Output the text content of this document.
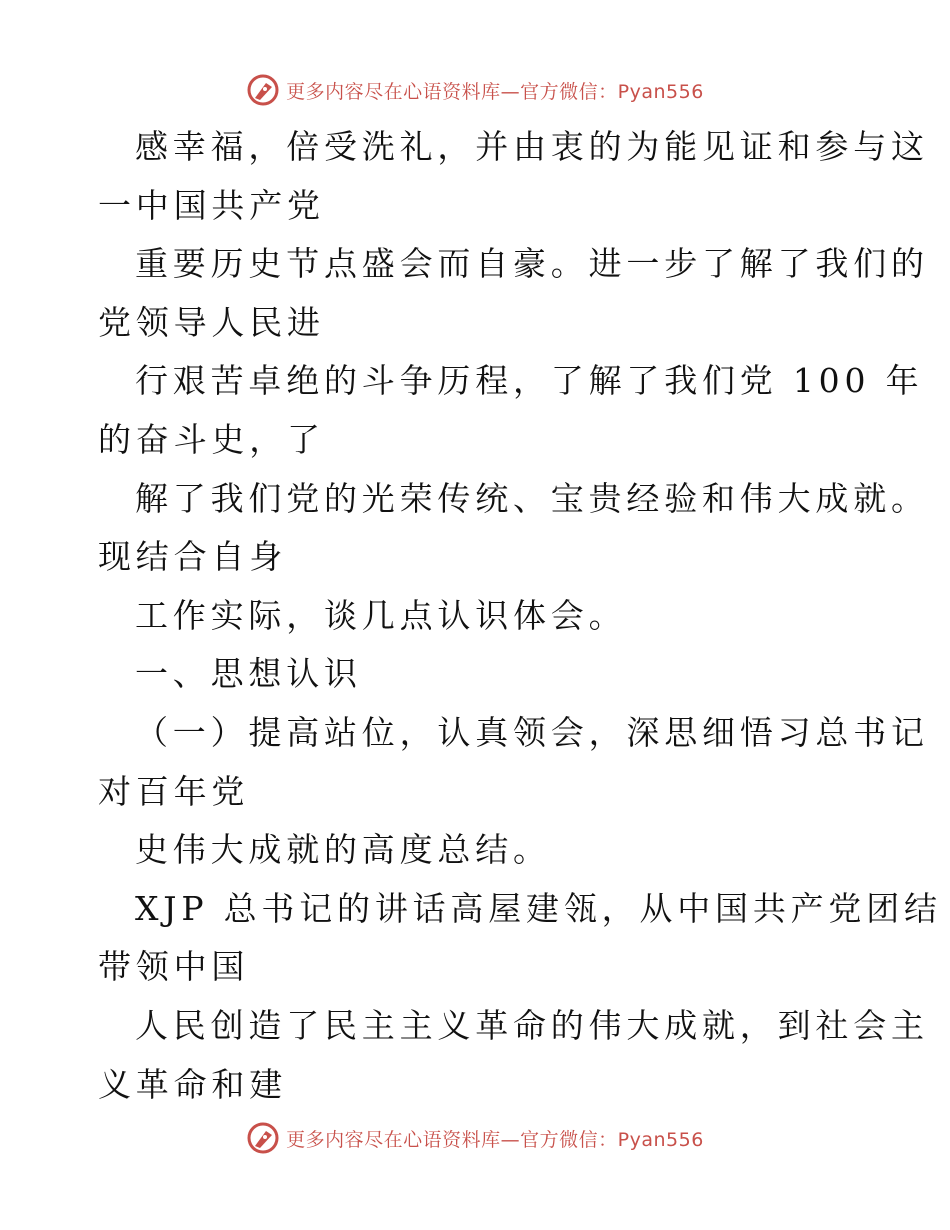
更多内容尽在心语资料库—官方微信：Pyan556
感幸福，倍受洗礼，并由衷的为能见证和参与这
一中国共产党
重要历史节点盛会而自豪。进一步了解了我们的
党领导人民进
行艰苦卓绝的斗争历程，了解了我们党 100 年
的奋斗史，了
解了我们党的光荣传统、宝贵经验和伟大成就。
现结合自身
工作实际，谈几点认识体会。
一、思想认识
（一）提高站位，认真领会，深思细悟习总书记
对百年党
史伟大成就的高度总结。
XJP 总书记的讲话高屋建瓴，从中国共产党团结
带领中国
人民创造了民主主义革命的伟大成就，到社会主
义革命和建
更多内容尽在心语资料库—官方微信：Pyan556
